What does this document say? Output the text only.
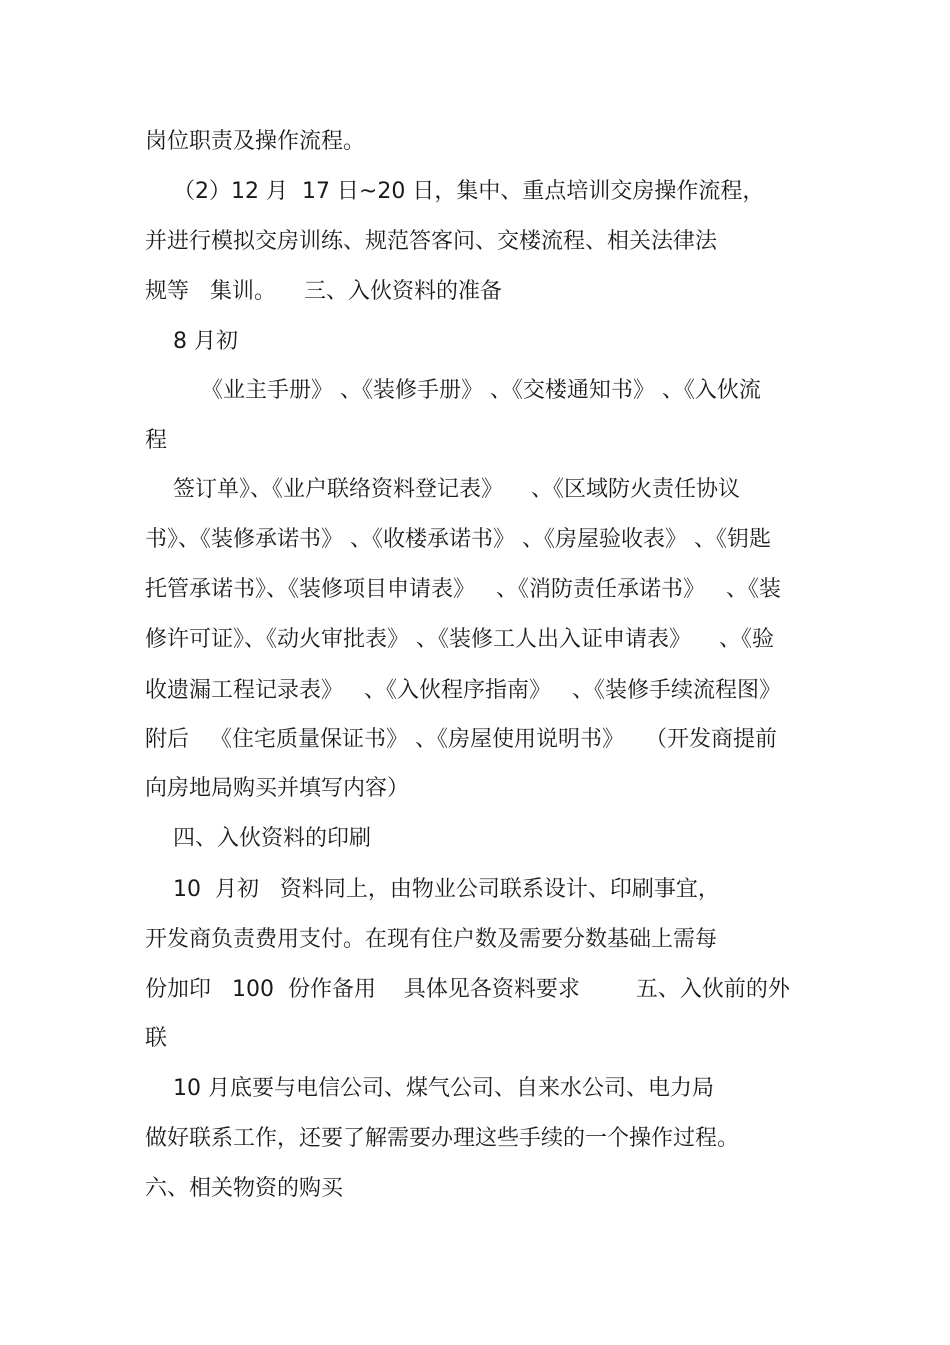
岗位职责及操作流程。
（2）12 月  17 日~20 日，集中、重点培训交房操作流程，
并进行模拟交房训练、规范答客问、交楼流程、相关法律法
规等   集训。    三、入伙资料的准备
8 月初
《业主手册》 、《装修手册》 、《交楼通知书》 、《入伙流
程
签订单》、《业户联络资料登记表》    、《区域防火责任协议
书》、《装修承诺书》 、《收楼承诺书》 、《房屋验收表》 、《钥匙
托管承诺书》、《装修项目申请表》   、《消防责任承诺书》   、《装
修许可证》、《动火审批表》 、《装修工人出入证申请表》    、《验
收遗漏工程记录表》   、《入伙程序指南》   、《装修手续流程图》
附后   《住宅质量保证书》 、《房屋使用说明书》   （开发商提前
向房地局购买并填写内容）
四、入伙资料的印刷
10  月初   资料同上，由物业公司联系设计、印刷事宜，
开发商负责费用支付。在现有住户数及需要分数基础上需每
份加印   100  份作备用    具体见各资料要求        五、入伙前的外
联
10 月底要与电信公司、煤气公司、自来水公司、电力局
做好联系工作，还要了解需要办理这些手续的一个操作过程。
六、相关物资的购买
